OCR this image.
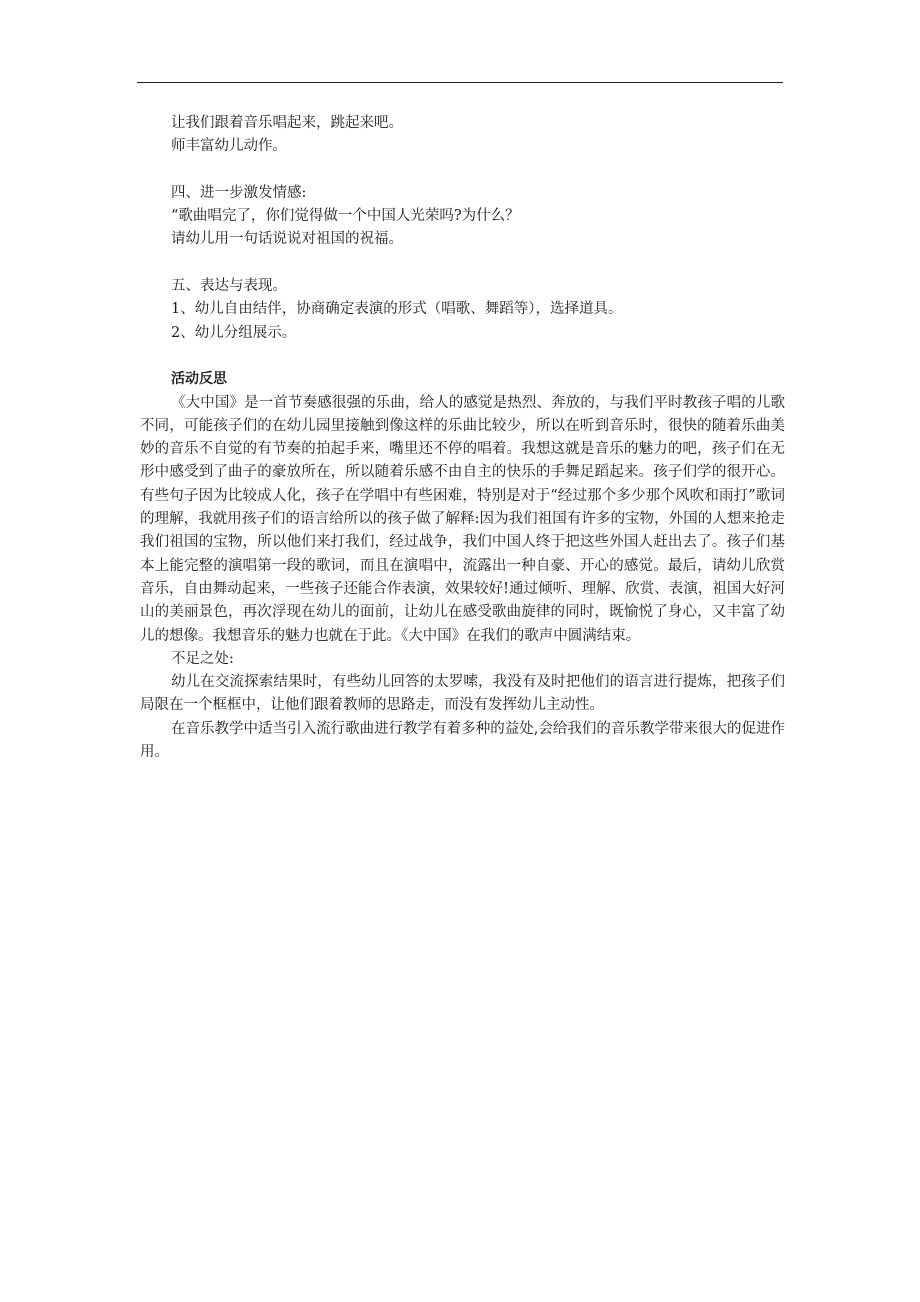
让我们跟着音乐唱起来，跳起来吧。

师丰富幼儿动作。

四、进一步激发情感:

“歌曲唱完了，你们觉得做一个中国人光荣吗?为什么？

请幼儿用一句话说说对祖国的祝福。

五、表达与表现。

1、幼儿自由结伴，协商确定表演的形式（唱歌、舞蹈等），选择道具。

2、幼儿分组展示。

活动反思

《大中国》是一首节奏感很强的乐曲，给人的感觉是热烈、奔放的，与我们平时教孩子唱的儿歌不同，可能孩子们的在幼儿园里接触到像这样的乐曲比较少，所以在听到音乐时，很快的随着乐曲美妙的音乐不自觉的有节奏的拍起手来，嘴里还不停的唱着。我想这就是音乐的魅力的吧，孩子们在无形中感受到了曲子的豪放所在，所以随着乐感不由自主的快乐的手舞足蹈起来。孩子们学的很开心。有些句子因为比较成人化，孩子在学唱中有些困难，特别是对于“经过那个多少那个风吹和雨打”歌词的理解，我就用孩子们的语言给所以的孩子做了解释:因为我们祖国有许多的宝物，外国的人想来抢走我们祖国的宝物，所以他们来打我们，经过战争，我们中国人终于把这些外国人赶出去了。孩子们基本上能完整的演唱第一段的歌词，而且在演唱中，流露出一种自豪、开心的感觉。最后，请幼儿欣赏音乐，自由舞动起来，一些孩子还能合作表演，效果较好!通过倾听、理解、欣赏、表演，祖国大好河山的美丽景色，再次浮现在幼儿的面前，让幼儿在感受歌曲旋律的同时，既愉悦了身心，又丰富了幼儿的想像。我想音乐的魅力也就在于此。《大中国》在我们的歌声中圆满结束。

不足之处:

幼儿在交流探索结果时，有些幼儿回答的太罗嗦，我没有及时把他们的语言进行提炼，把孩子们局限在一个框框中，让他们跟着教师的思路走，而没有发挥幼儿主动性。

在音乐教学中适当引入流行歌曲进行教学有着多种的益处,会给我们的音乐教学带来很大的促进作用。
